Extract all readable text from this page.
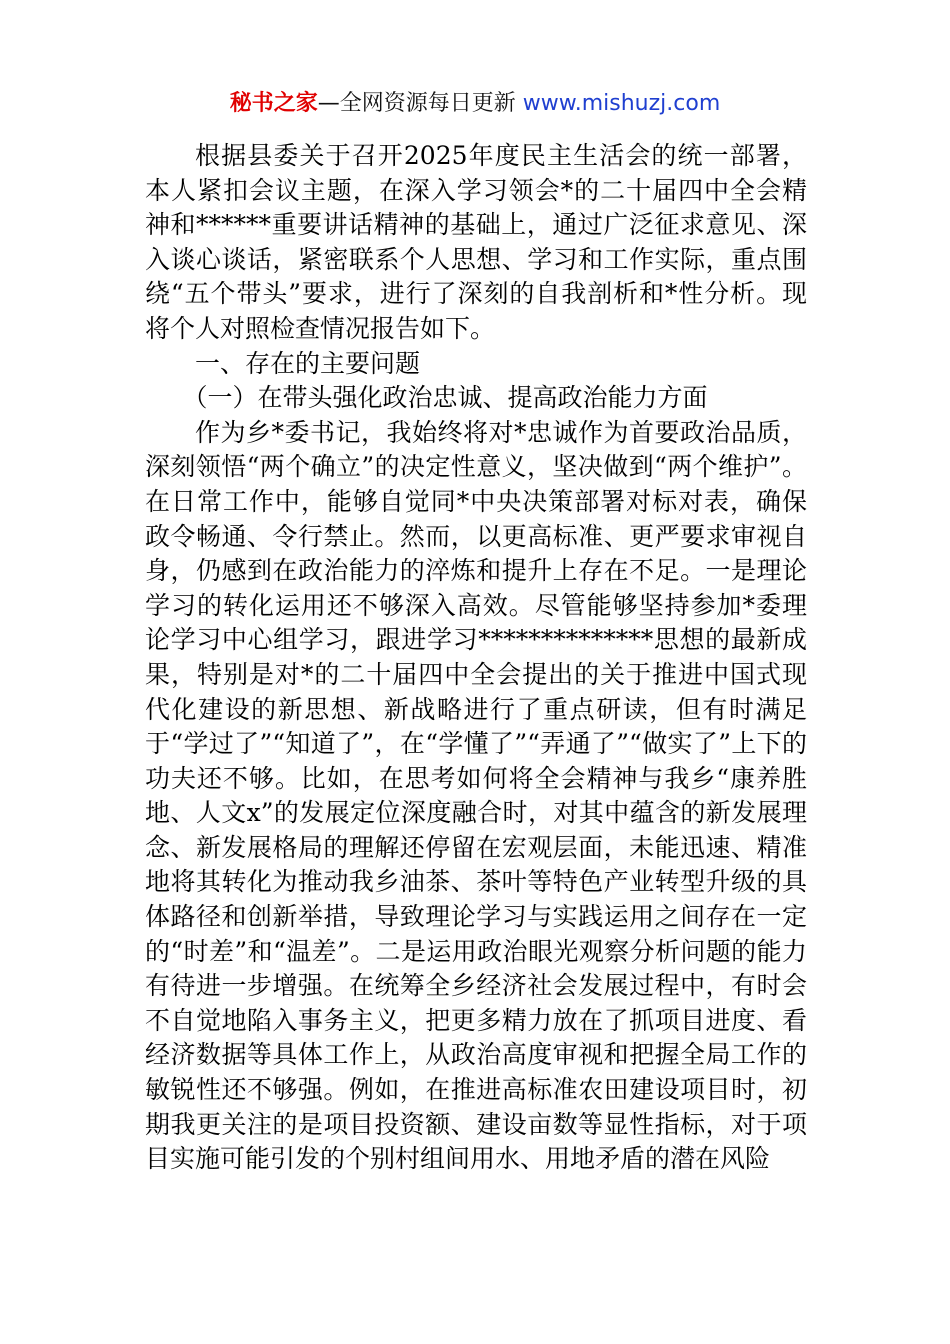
秘书之家—全网资源每日更新 www.mishuzj.com

根据县委关于召开2025年度民主生活会的统一部署，本人紧扣会议主题，在深入学习领会*的二十届四中全会精神和******重要讲话精神的基础上，通过广泛征求意见、深入谈心谈话，紧密联系个人思想、学习和工作实际，重点围绕“五个带头”要求，进行了深刻的自我剖析和*性分析。现将个人对照检查情况报告如下。

一、存在的主要问题

（一）在带头强化政治忠诚、提高政治能力方面

作为乡*委书记，我始终将对*忠诚作为首要政治品质，深刻领悟“两个确立”的决定性意义，坚决做到“两个维护”。在日常工作中，能够自觉同*中央决策部署对标对表，确保政令畅通、令行禁止。然而，以更高标准、更严要求审视自身，仍感到在政治能力的淬炼和提升上存在不足。一是理论学习的转化运用还不够深入高效。尽管能够坚持参加*委理论学习中心组学习，跟进学习**************思想的最新成果，特别是对*的二十届四中全会提出的关于推进中国式现代化建设的新思想、新战略进行了重点研读，但有时满足于“学过了”“知道了”，在“学懂了”“弄通了”“做实了”上下的功夫还不够。比如，在思考如何将全会精神与我乡“康养胜地、人文x”的发展定位深度融合时，对其中蕴含的新发展理念、新发展格局的理解还停留在宏观层面，未能迅速、精准地将其转化为推动我乡油茶、茶叶等特色产业转型升级的具体路径和创新举措，导致理论学习与实践运用之间存在一定的“时差”和“温差”。二是运用政治眼光观察分析问题的能力有待进一步增强。在统筹全乡经济社会发展过程中，有时会不自觉地陷入事务主义，把更多精力放在了抓项目进度、看经济数据等具体工作上，从政治高度审视和把握全局工作的敏锐性还不够强。例如，在推进高标准农田建设项目时，初期我更关注的是项目投资额、建设亩数等显性指标，对于项目实施可能引发的个别村组间用水、用地矛盾的潜在风险
